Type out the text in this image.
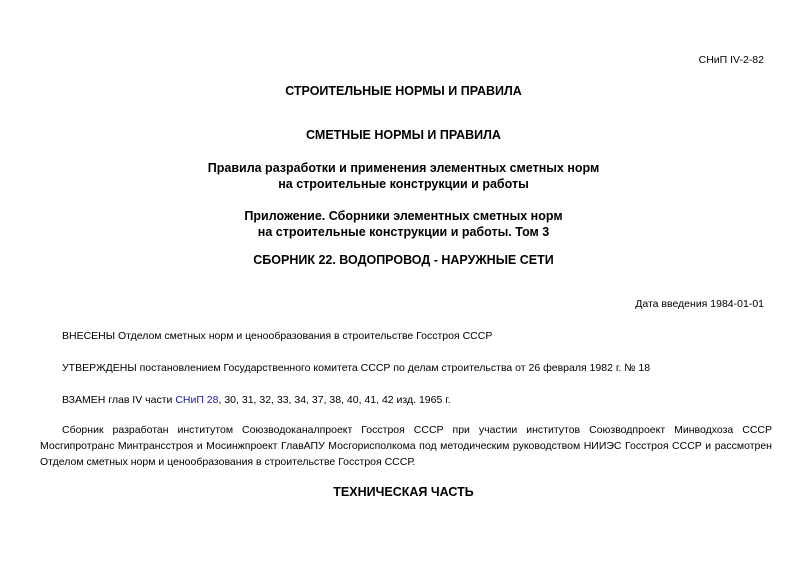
СНиП IV-2-82
СТРОИТЕЛЬНЫЕ НОРМЫ И ПРАВИЛА
СМЕТНЫЕ НОРМЫ И ПРАВИЛА
Правила разработки и применения элементных сметных норм
на строительные конструкции и работы
Приложение. Сборники элементных сметных норм
на строительные конструкции и работы. Том 3
СБОРНИК 22. ВОДОПРОВОД - НАРУЖНЫЕ СЕТИ
Дата введения 1984-01-01
ВНЕСЕНЫ Отделом сметных норм и ценообразования в строительстве Госстроя СССР
УТВЕРЖДЕНЫ постановлением Государственного комитета СССР по делам строительства от 26 февраля 1982 г. № 18
ВЗАМЕН глав IV части СНиП 28, 30, 31, 32, 33, 34, 37, 38, 40, 41, 42 изд. 1965 г.
Сборник разработан институтом Союзводоканалпроект Госстроя СССР при участии институтов Союзводпроект Минводхоза СССР Мосгипротранс Минтрансстроя и Мосинжпроект ГлавАПУ Мосгорисполкома под методическим руководством НИИЭС Госстроя СССР и рассмотрен Отделом сметных норм и ценообразования в строительстве Госстроя СССР.
ТЕХНИЧЕСКАЯ ЧАСТЬ
